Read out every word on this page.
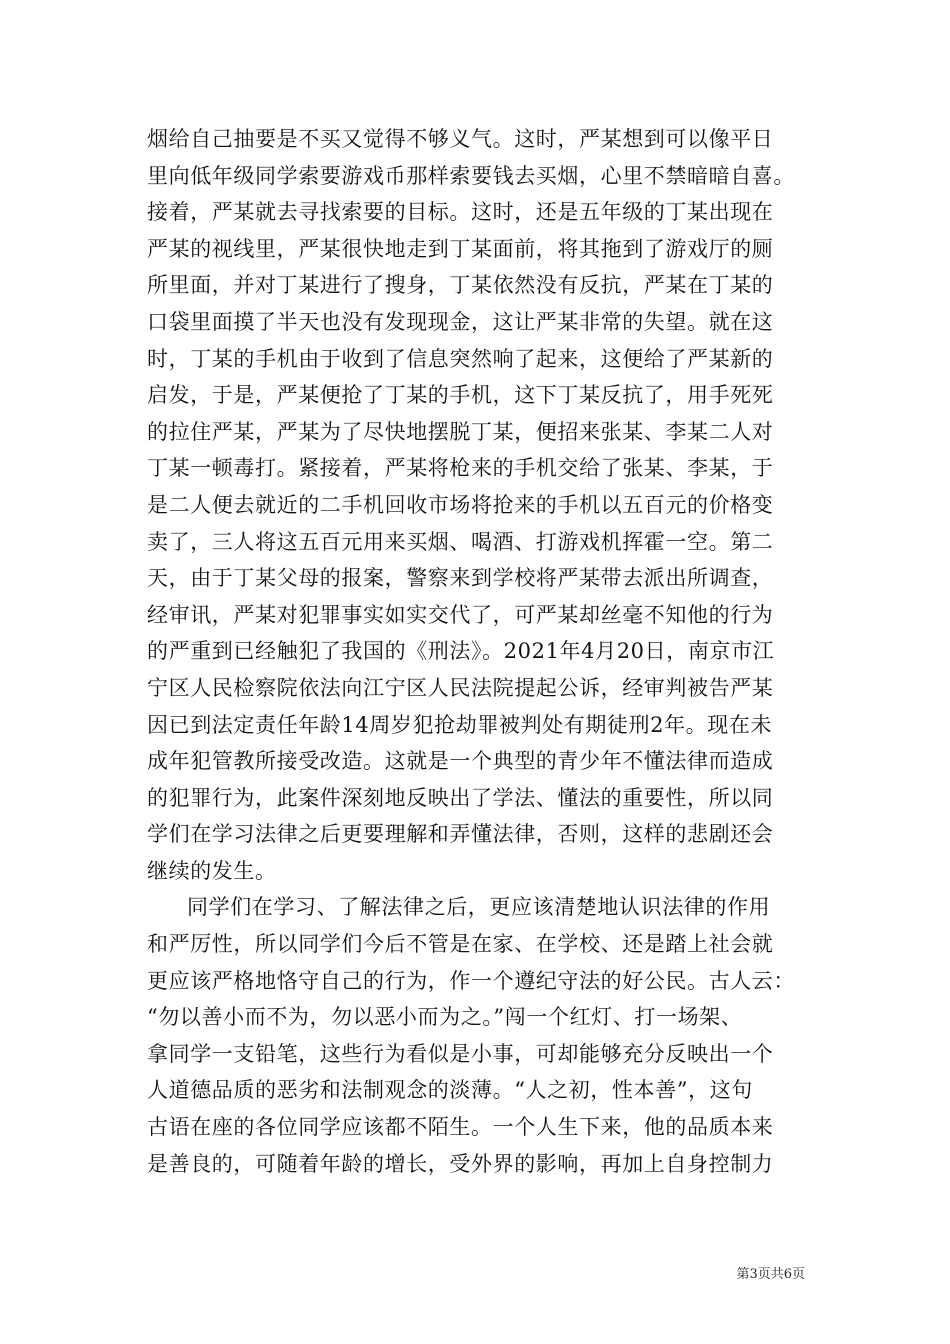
烟给自己抽要是不买又觉得不够义气。这时，严某想到可以像平日
里向低年级同学索要游戏币那样索要钱去买烟，心里不禁暗暗自喜。
接着，严某就去寻找索要的目标。这时，还是五年级的丁某出现在
严某的视线里，严某很快地走到丁某面前，将其拖到了游戏厅的厕
所里面，并对丁某进行了搜身，丁某依然没有反抗，严某在丁某的
口袋里面摸了半天也没有发现现金，这让严某非常的失望。就在这
时，丁某的手机由于收到了信息突然响了起来，这便给了严某新的
启发，于是，严某便抢了丁某的手机，这下丁某反抗了，用手死死
的拉住严某，严某为了尽快地摆脱丁某，便招来张某、李某二人对
丁某一顿毒打。紧接着，严某将枪来的手机交给了张某、李某，于
是二人便去就近的二手机回收市场将抢来的手机以五百元的价格变
卖了，三人将这五百元用来买烟、喝酒、打游戏机挥霍一空。第二
天，由于丁某父母的报案，警察来到学校将严某带去派出所调查，
经审讯，严某对犯罪事实如实交代了，可严某却丝毫不知他的行为
的严重到已经触犯了我国的《刑法》。2021年4月20日，南京市江
宁区人民检察院依法向江宁区人民法院提起公诉，经审判被告严某
因已到法定责任年龄14周岁犯抢劫罪被判处有期徒刑2年。现在未
成年犯管教所接受改造。这就是一个典型的青少年不懂法律而造成
的犯罪行为，此案件深刻地反映出了学法、懂法的重要性，所以同
学们在学习法律之后更要理解和弄懂法律，否则，这样的悲剧还会
继续的发生。
同学们在学习、了解法律之后，更应该清楚地认识法律的作用
和严厉性，所以同学们今后不管是在家、在学校、还是踏上社会就
更应该严格地恪守自己的行为，作一个遵纪守法的好公民。古人云：
“勿以善小而不为，勿以恶小而为之。”闯一个红灯、打一场架、
拿同学一支铅笔，这些行为看似是小事，可却能够充分反映出一个
人道德品质的恶劣和法制观念的淡薄。“人之初，性本善”，这句
古语在座的各位同学应该都不陌生。一个人生下来，他的品质本来
是善良的，可随着年龄的增长，受外界的影响，再加上自身控制力
第3页共6页
